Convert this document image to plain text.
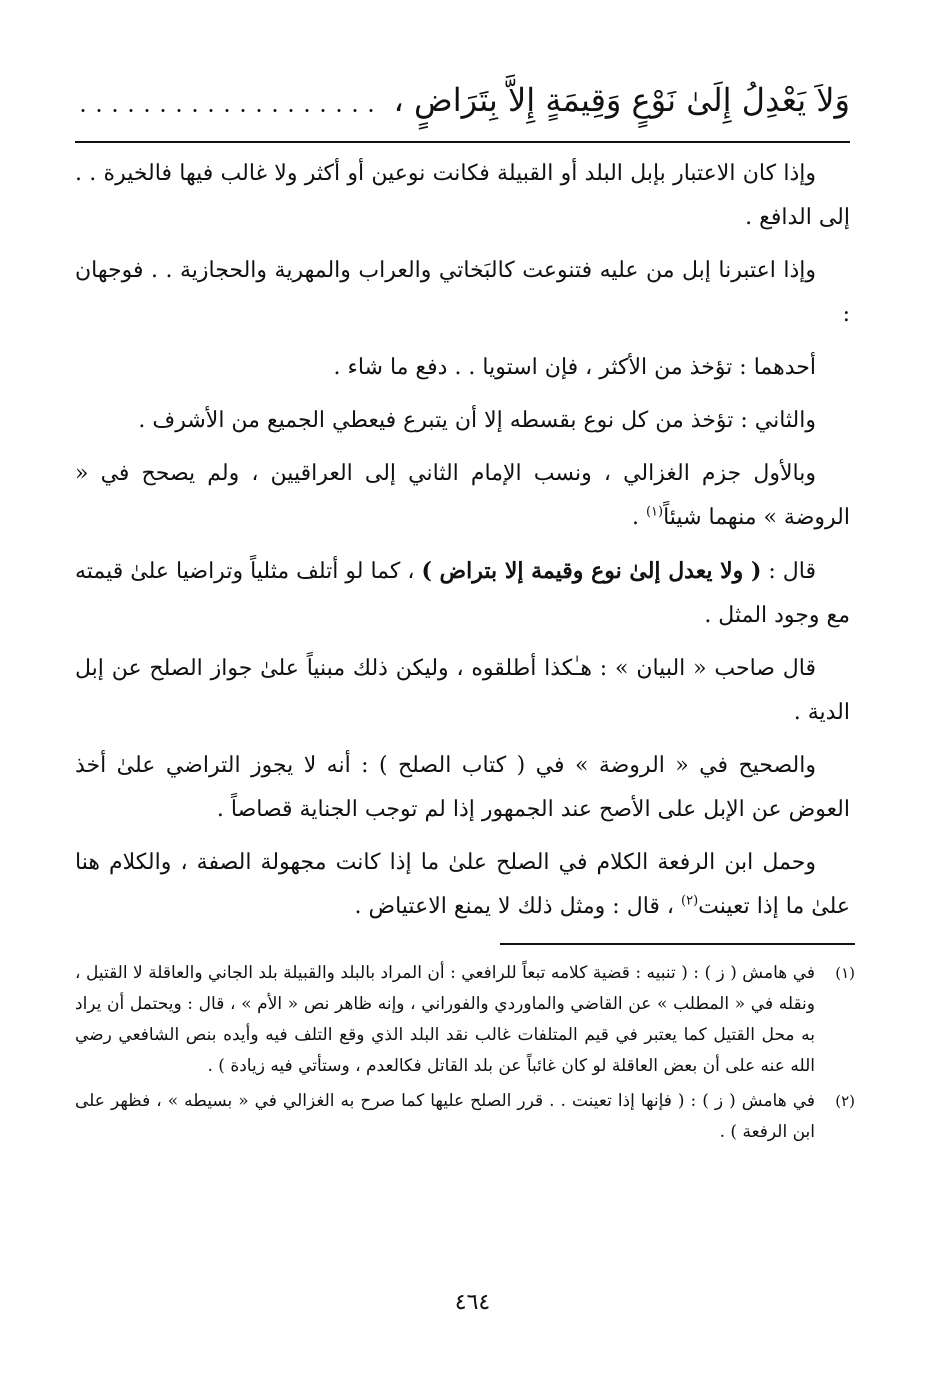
وَلاَ يَعْدِلُ إِلَىٰ نَوْعٍ وَقِيمَةٍ إِلاَّ بِتَرَاضٍ ،

وإذا كان الاعتبار بإبل البلد أو القبيلة فكانت نوعين أو أكثر ولا غالب فيها فالخيرة . . إلى الدافع .

وإذا اعتبرنا إبل من عليه فتنوعت كالبَخاتي والعراب والمهرية والحجازية . . فوجهان :

أحدهما : تؤخذ من الأكثر ، فإن استويا . . دفع ما شاء .

والثاني : تؤخذ من كل نوع بقسطه إلا أن يتبرع فيعطي الجميع من الأشرف .

وبالأول جزم الغزالي ، ونسب الإمام الثاني إلى العراقيين ، ولم يصحح في « الروضة » منهما شيئاً$^{(١)}$ .

قال : ( ولا يعدل إلىٰ نوع وقيمة إلا بتراض ) ، كما لو أتلف مثلياً وتراضيا علىٰ قيمته مع وجود المثل .

قال صاحب « البيان » : هـٰكذا أطلقوه ، وليكن ذلك مبنياً علىٰ جواز الصلح عن إبل الدية .

والصحيح في « الروضة » في ( كتاب الصلح ) : أنه لا يجوز التراضي علىٰ أخذ العوض عن الإبل على الأصح عند الجمهور إذا لم توجب الجناية قصاصاً .

وحمل ابن الرفعة الكلام في الصلح علىٰ ما إذا كانت مجهولة الصفة ، والكلام هنا علىٰ ما إذا تعينت$^{(٢)}$ ، قال : ومثل ذلك لا يمنع الاعتياض .

(١)
في هامش ( ز ) : ( تنبيه : قضية كلامه تبعاً للرافعي : أن المراد بالبلد والقبيلة بلد الجاني والعاقلة لا القتيل ، ونقله في « المطلب » عن القاضي والماوردي والفوراني ، وإنه ظاهر نص « الأم » ، قال : ويحتمل أن يراد به محل القتيل كما يعتبر في قيم المتلفات غالب نقد البلد الذي وقع التلف فيه وأيده بنص الشافعي رضي الله عنه على أن بعض العاقلة لو كان غائباً عن بلد القاتل فكالعدم ، وستأتي فيه زيادة ) .
(٢)
في هامش ( ز ) : ( فإنها إذا تعينت . . قرر الصلح عليها كما صرح به الغزالي في « بسيطه » ، فظهر على ابن الرفعة ) .
٤٦٤
